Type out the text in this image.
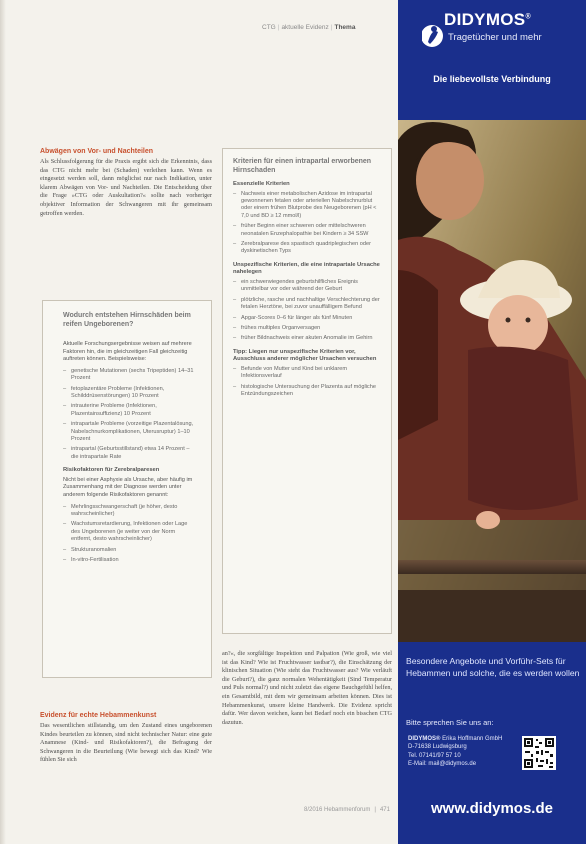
CTG | aktuelle Evidenz | Thema
Abwägen von Vor- und Nachteilen
Als Schlussfolgerung für die Praxis ergibt sich die Erkenntnis, dass das CTG nicht mehr bei (Schaden) verleihen kann. Wenn es eingesetzt werden soll, dann möglichst nur nach Indikation, unter klarem Abwägen von Vor- und Nachteilen. Die Entscheidung über die Frage »CTG oder Auskultation?« sollte nach vorheriger objektiver Information der Schwangeren mit ihr gemeinsam getroffen werden.
Wodurch entstehen Hirnschäden beim reifen Ungeborenen?

Aktuelle Forschungsergebnisse weisen auf mehrere Faktoren hin, die im gleichzeitigen Fall gleichzeitig auftreten können. Beispielsweise:

– genetische Mutationen (sechs Tripeptiden) 14–31 Prozent
– fetoplazentäre Probleme (Infektionen, Schilddrüsenstörungen) 10 Prozent
– intrauterine Probleme (Infektionen, Plazentainsuffizienz) 10 Prozent
– intrapartale Probleme (vorzeitige Plazentalösung, Nabelschnurkomplikationen, Uterusruptur) 1–10 Prozent
– intrapartal (Geburtsstillstand) etwa 14 Prozent – die intrapartale Rate
Risikofaktoren für Zerebralparesen

Nicht bei einer Asphyxie als Ursache, aber häufig im Zusammenhang mit der Diagnose werden unter anderem folgende Risikofaktoren genannt:

– Mehrlingsschwangerschaft (je höher, desto wahrscheinlicher)
– Wachstumsretardierung, Infektionen oder Lage des Ungeborenen (je weiter von der Norm entfernt, desto wahrscheinlicher)
– Strukturanomalien
– In-vitro-Fertilisation
Kriterien für einen intrapartal erworbenen Hirnschaden
Essenzielle Kriterien
– Nachweis einer metabolischen Azidose im intrapartal gewonnenen fetalen oder arteriellen Nabelschnurblut oder einem frühen Blutprobe des Neugeborenen (pH < 7,0 und BD ≥ 12 mmol/l)
– früher Beginn einer schweren oder mittelschweren neonatalen Enzephalopathie bei Kindern ≥ 34 SSW
– Zerebralparese des spastisch quadriplegischen oder dyskinetischen Typs
Unspezifische Kriterien, die eine intrapartale Ursache nahelegen
– ein schwerwiegendes geburtshilfliches Ereignis unmittelbar vor oder während der Geburt
– plötzliche, rasche und nachhaltige Verschlechterung der fetalen Herztöne, bei zuvor unauffälligem Befund
– Apgar-Scores 0–6 für länger als fünf Minuten
– frühes multiples Organversagen
– früher Bildnachweis einer akuten Anomalie im Gehirn
Tipp: Liegen nur unspezifische Kriterien vor, Ausschluss anderer möglicher Ursachen versuchen
– Befunde von Mutter und Kind bei unklarem Infektionsverlauf
– histologische Untersuchung der Plazenta auf mögliche Entzündungszeichen
an?«, die sorgfältige Inspektion und Palpation (Wie groß, wie viel ist das Kind? Wie ist Fruchtwasser tastbar?), die Einschätzung der klinischen Situation (Wie steht das Fruchtwasser aus? Wie verläuft die Geburt?), die ganz normalen Wehentätigkeit (Sind Temperatur und Puls normal?) und nicht zuletzt das eigene Bauchgefühl helfen, ein Gesamtbild, mit dem wir gemeinsam arbeiten können. Dies ist Hebammenkunst, unsere kleine Handwerk. Die Evidenz spricht dafür. Wer davon weichen, kann bei Bedarf noch ein bisschen CTG dazutun.
Evidenz für echte Hebammenkunst
Das wesentlichen stillstandig, um den Zustand eines ungeborenen Kindes beurteilen zu können, sind nicht technischer Natur: eine gute Anamnese (Kind- und Risikofaktoren?), die Befragung der Schwangeren in die Beurteilung (Wie bewegt sich das Kind? Wie fühlen Sie sich
8/2016 Hebammenforum | 471
DIDYMOS®
Tragetücher und mehr
Die liebevollste Verbindung
Besondere Angebote und Vorführ-Sets für Hebammen und solche, die es werden wollen
Bitte sprechen Sie uns an:
DIDYMOS® Erika Hoffmann GmbH
D-71638 Ludwigsburg
Tel. 07141/97 57 10
E-Mail: mail@didymos.de
www.didymos.de
